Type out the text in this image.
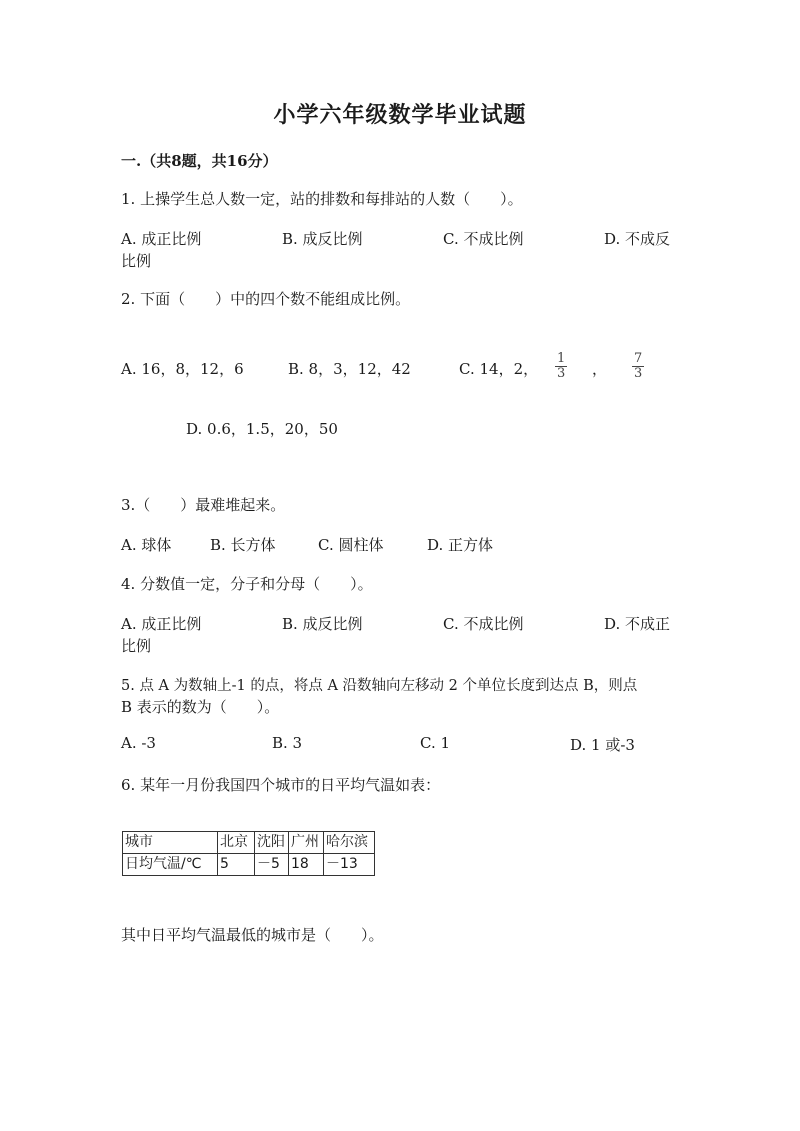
小学六年级数学毕业试题
一.（共8题，共16分）
1. 上操学生总人数一定，站的排数和每排站的人数（　　）。
A. 成正比例	B. 成反比例	C. 不成比例	D. 不成反
比例
2. 下面（　　）中的四个数不能组成比例。
A. 16，8，12，6	B. 8，3，12，42	C. 14，2，
1
3 ，
7
3
D. 0.6，1.5，20，50
3.（　　）最难堆起来。
A. 球体	B. 长方体	C. 圆柱体	D. 正方体
4. 分数值一定，分子和分母（　　）。
A. 成正比例	B. 成反比例	C. 不成比例	D. 不成正
比例
5. 点 A 为数轴上-1 的点，将点 A 沿数轴向左移动 2 个单位长度到达点 B，则点
B 表示的数为（　　）。
A. -3	B. 3	C. 1	D. 1 或-3
6. 某年一月份我国四个城市的日平均气温如表：
城市	北京	沈阳	广州	哈尔滨
日均气温/℃	5	－5	18	－13
其中日平均气温最低的城市是（　　）。
